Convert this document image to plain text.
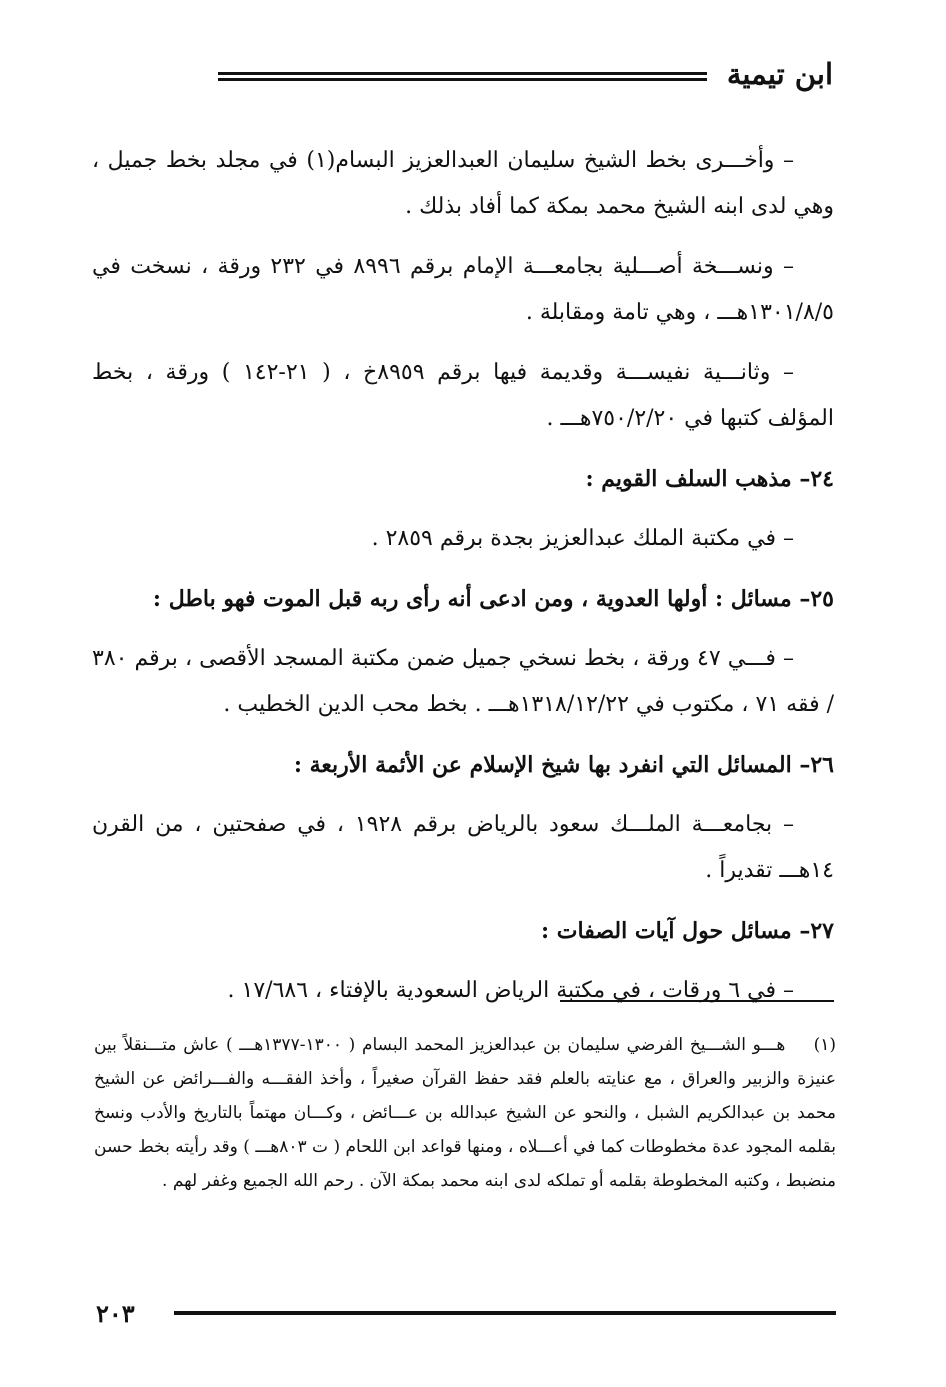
ابن تيمية

– وأخـــرى بخط الشيخ سليمان العبدالعزيز البسام(١) في مجلد بخط جميل ، وهي لدى ابنه الشيخ محمد بمكة كما أفاد بذلك .

– ونســـخة أصـــلية بجامعـــة الإمام برقم ٨٩٩٦ في ٢٣٢ ورقة ، نسخت في ١٣٠١/٨/٥هـــ ، وهي تامة ومقابلة .

– وثانـــية نفيســـة وقديمة فيها برقم ٨٩٥٩خ ، ( ٢١-١٤٢ ) ورقة ، بخط المؤلف كتبها في ٧٥٠/٢/٢٠هـــ .

٢٤– مذهب السلف القويم :

– في مكتبة الملك عبدالعزيز بجدة برقم ٢٨٥٩ .

٢٥– مسائل : أولها العدوية ، ومن ادعى أنه رأى ربه قبل الموت فهو باطل :

– فـــي ٤٧ ورقة ، بخط نسخي جميل ضمن مكتبة المسجد الأقصى ، برقم ٣٨٠ / فقه ٧١ ، مكتوب في ١٣١٨/١٢/٢٢هـــ . بخط محب الدين الخطيب .

٢٦– المسائل التي انفرد بها شيخ الإسلام عن الأئمة الأربعة :

– بجامعـــة الملـــك سعود بالرياض برقم ١٩٢٨ ، في صفحتين ، من القرن ١٤هـــ تقديراً .

٢٧– مسائل حول آيات الصفات :

– في ٦ ورقات ، في مكتبة الرياض السعودية بالإفتاء ، ١٧/٦٨٦ .

(١) هـــو الشـــيخ الفرضي سليمان بن عبدالعزيز المحمد البسام ( ١٣٠٠-١٣٧٧هـــ ) عاش متـــنقلاً بين عنيزة والزبير والعراق ، مع عنايته بالعلم فقد حفظ القرآن صغيراً ، وأخذ الفقـــه والفـــرائض عن الشيخ محمد بن عبدالكريم الشبل ، والنحو عن الشيخ عبدالله بن عـــائض ، وكـــان مهتماً بالتاريخ والأدب ونسخ بقلمه المجود عدة مخطوطات كما في أعـــلاه ، ومنها قواعد ابن اللحام ( ت ٨٠٣هـــ ) وقد رأيته بخط حسن منضبط ، وكتبه المخطوطة بقلمه أو تملكه لدى ابنه محمد بمكة الآن . رحم الله الجميع وغفر لهم .
٢٠٣
